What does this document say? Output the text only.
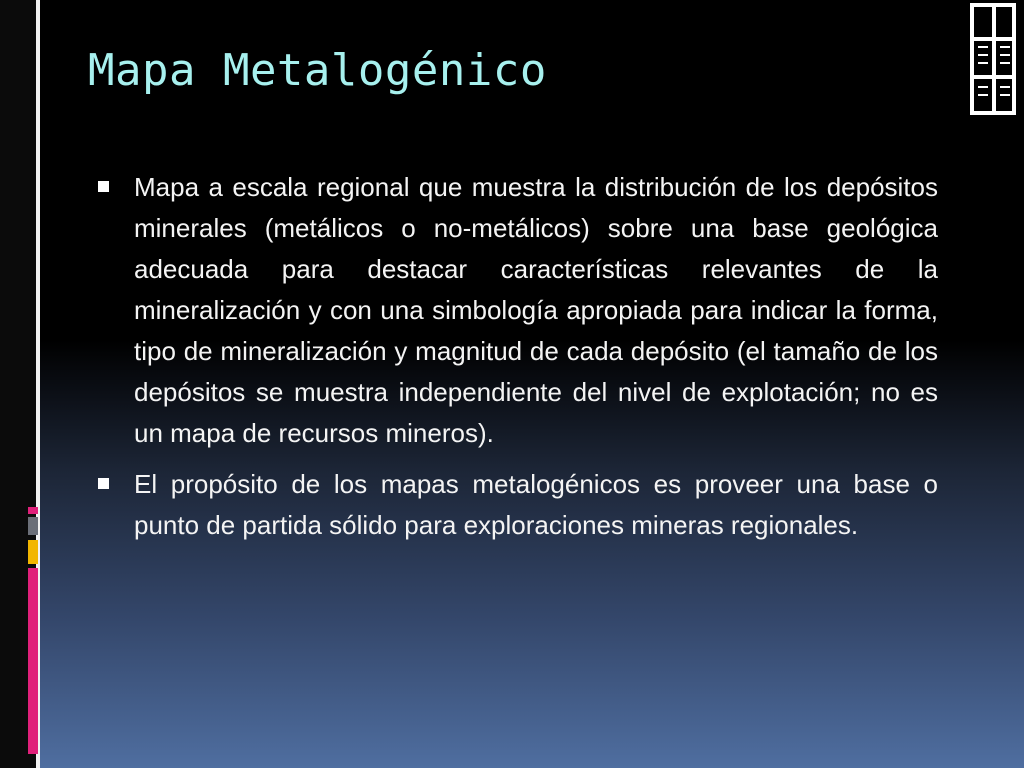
Mapa Metalogénico
Mapa a escala regional que muestra la distribución de los depósitos minerales (metálicos o no-metálicos) sobre una base geológica adecuada para destacar características relevantes de la mineralización y con una simbología apropiada para indicar la forma, tipo de mineralización y magnitud de cada depósito (el tamaño de los depósitos se muestra independiente del nivel de explotación; no es un mapa de recursos mineros).
El propósito de los mapas metalogénicos es proveer una base o punto de partida sólido para exploraciones mineras regionales.
